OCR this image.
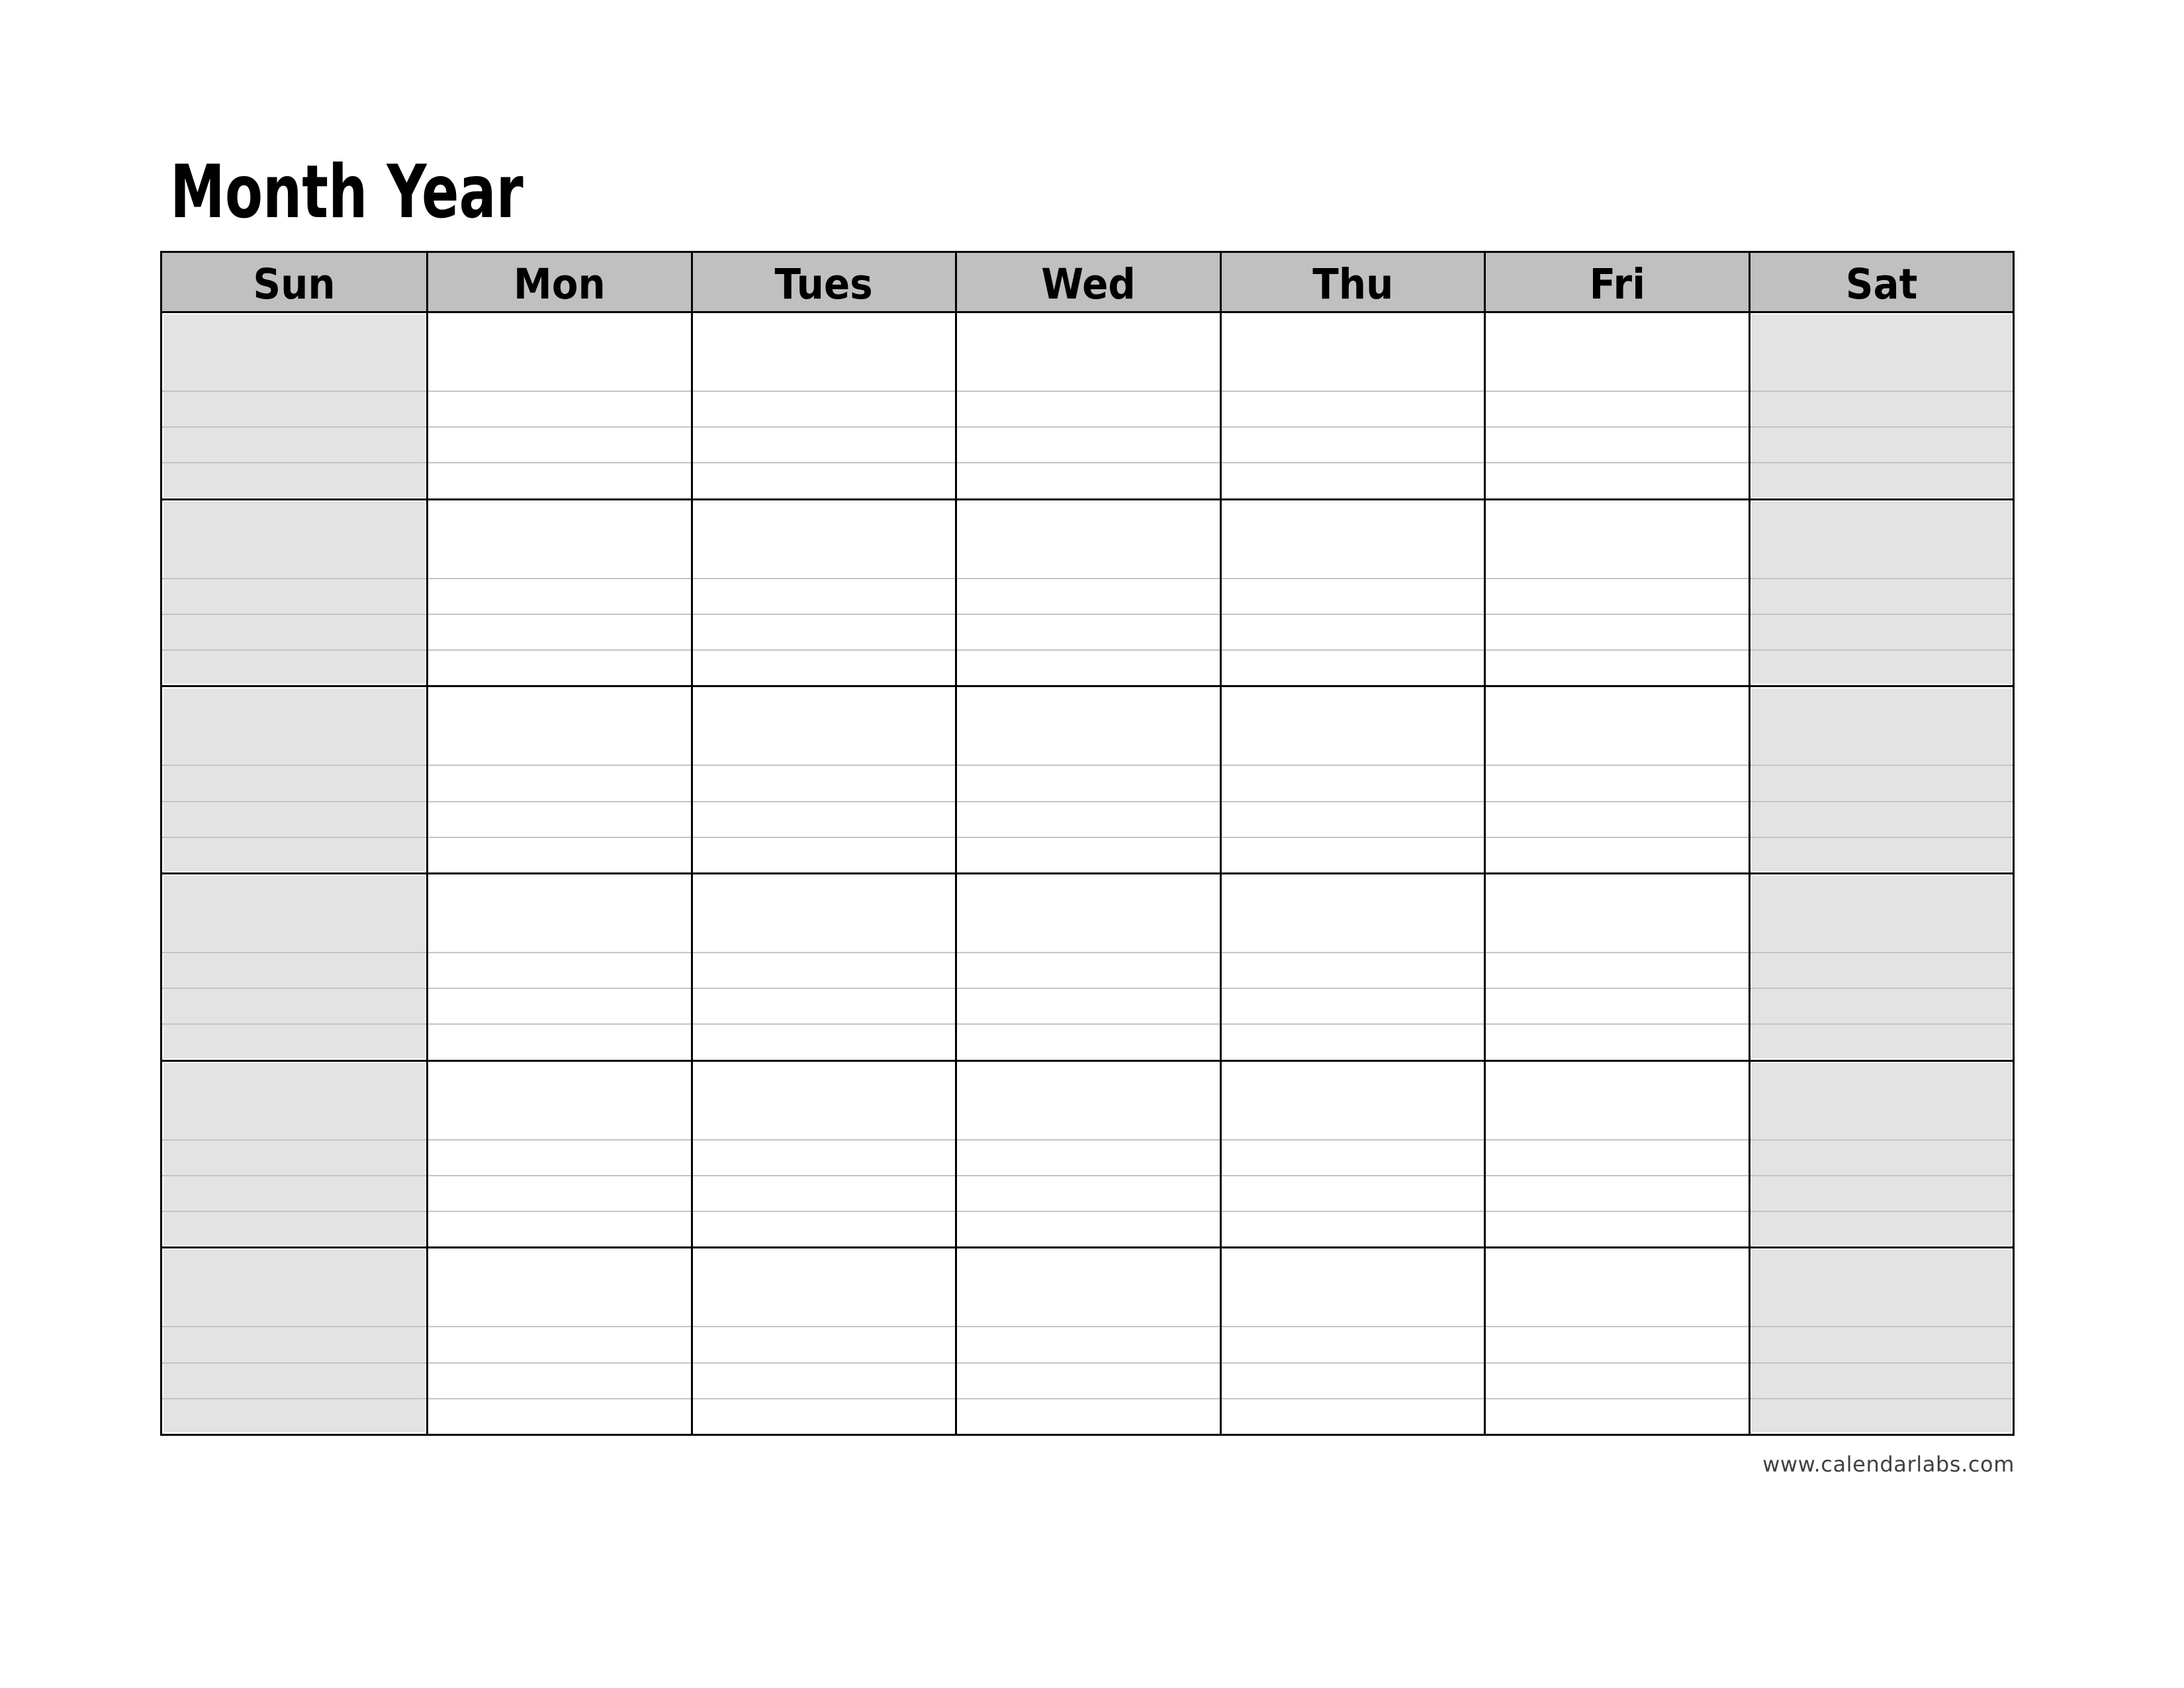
Month Year
Sun	Mon	Tues	Wed	Thu	Fri	Sat
www.calendarlabs.com
